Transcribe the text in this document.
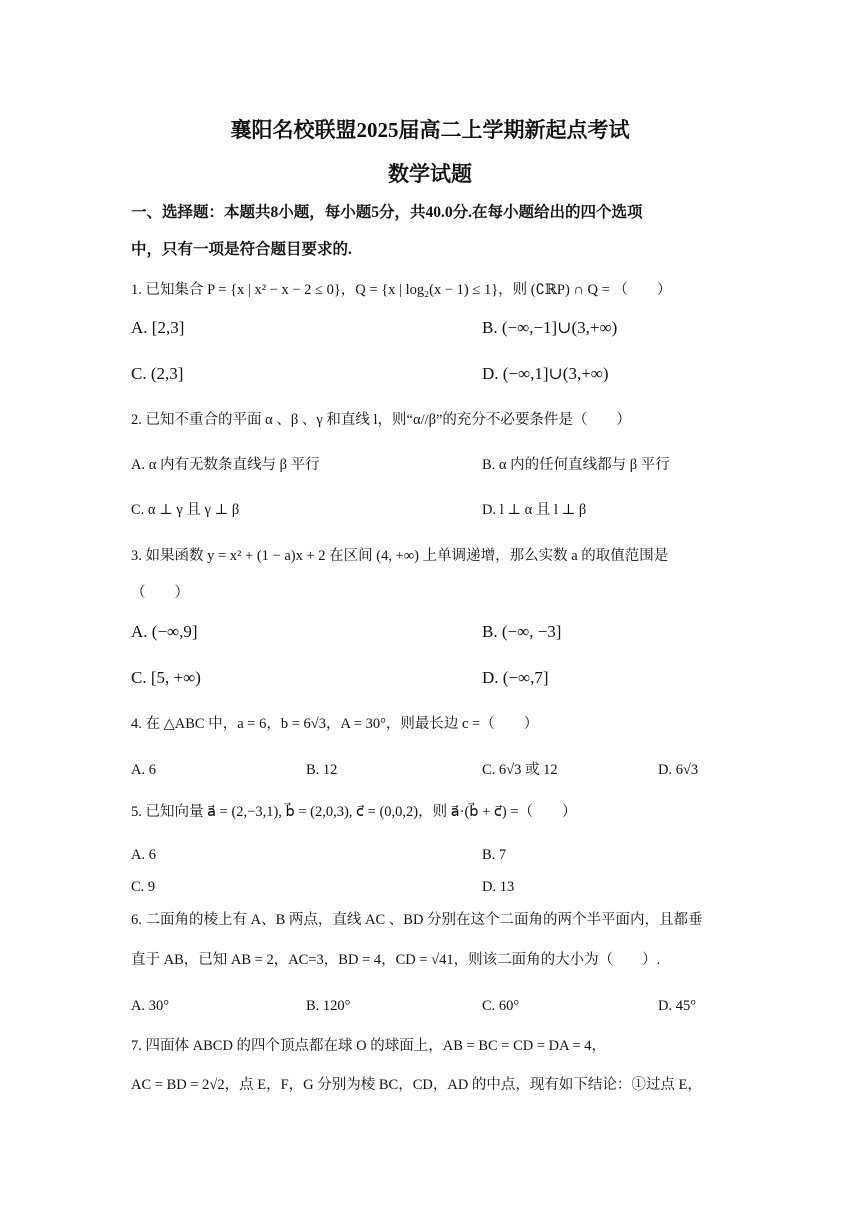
襄阳名校联盟2025届高二上学期新起点考试
数学试题
一、选择题：本题共8小题，每小题5分，共40.0分.在每小题给出的四个选项
中，只有一项是符合题目要求的.
1. 已知集合 P = {x | x² − x − 2 ≤ 0}，Q = {x | log₂(x − 1) ≤ 1}，则 (∁ℝP) ∩ Q = （　　）
A. [2,3]	B. (−∞,−1]∪(3,+∞)
C. (2,3]	D. (−∞,1]∪(3,+∞)
2. 已知不重合的平面 α 、β 、γ 和直线 l，则“α//β”的充分不必要条件是（　　）
A. α 内有无数条直线与 β 平行	B. α 内的任何直线都与 β 平行
C. α ⊥ γ 且 γ ⊥ β	D. l ⊥ α 且 l ⊥ β
3. 如果函数 y = x² + (1 − a)x + 2 在区间 (4, +∞) 上单调递增，那么实数 a 的取值范围是
（　　）
A. (−∞,9]	B. (−∞, −3]
C. [5, +∞)	D. (−∞,7]
4. 在 △ABC 中，a = 6，b = 6√3，A = 30°，则最长边 c =（　　）
A. 6	B. 12	C. 6√3 或 12	D. 6√3
5. 已知向量 a⃗ = (2,−3,1), b⃗ = (2,0,3), c⃗ = (0,0,2)，则 a⃗·(b⃗ + c⃗) =（　　）
A. 6	B. 7
C. 9	D. 13
6. 二面角的棱上有 A、B 两点，直线 AC 、BD 分别在这个二面角的两个半平面内，且都垂
直于 AB，已知 AB = 2，AC=3，BD = 4，CD = √41，则该二面角的大小为（　　）.
A. 30°	B. 120°	C. 60°	D. 45°
7. 四面体 ABCD 的四个顶点都在球 O 的球面上，AB = BC = CD = DA = 4，
AC = BD = 2√2，点 E，F，G 分别为棱 BC，CD，AD 的中点，现有如下结论：①过点 E，
